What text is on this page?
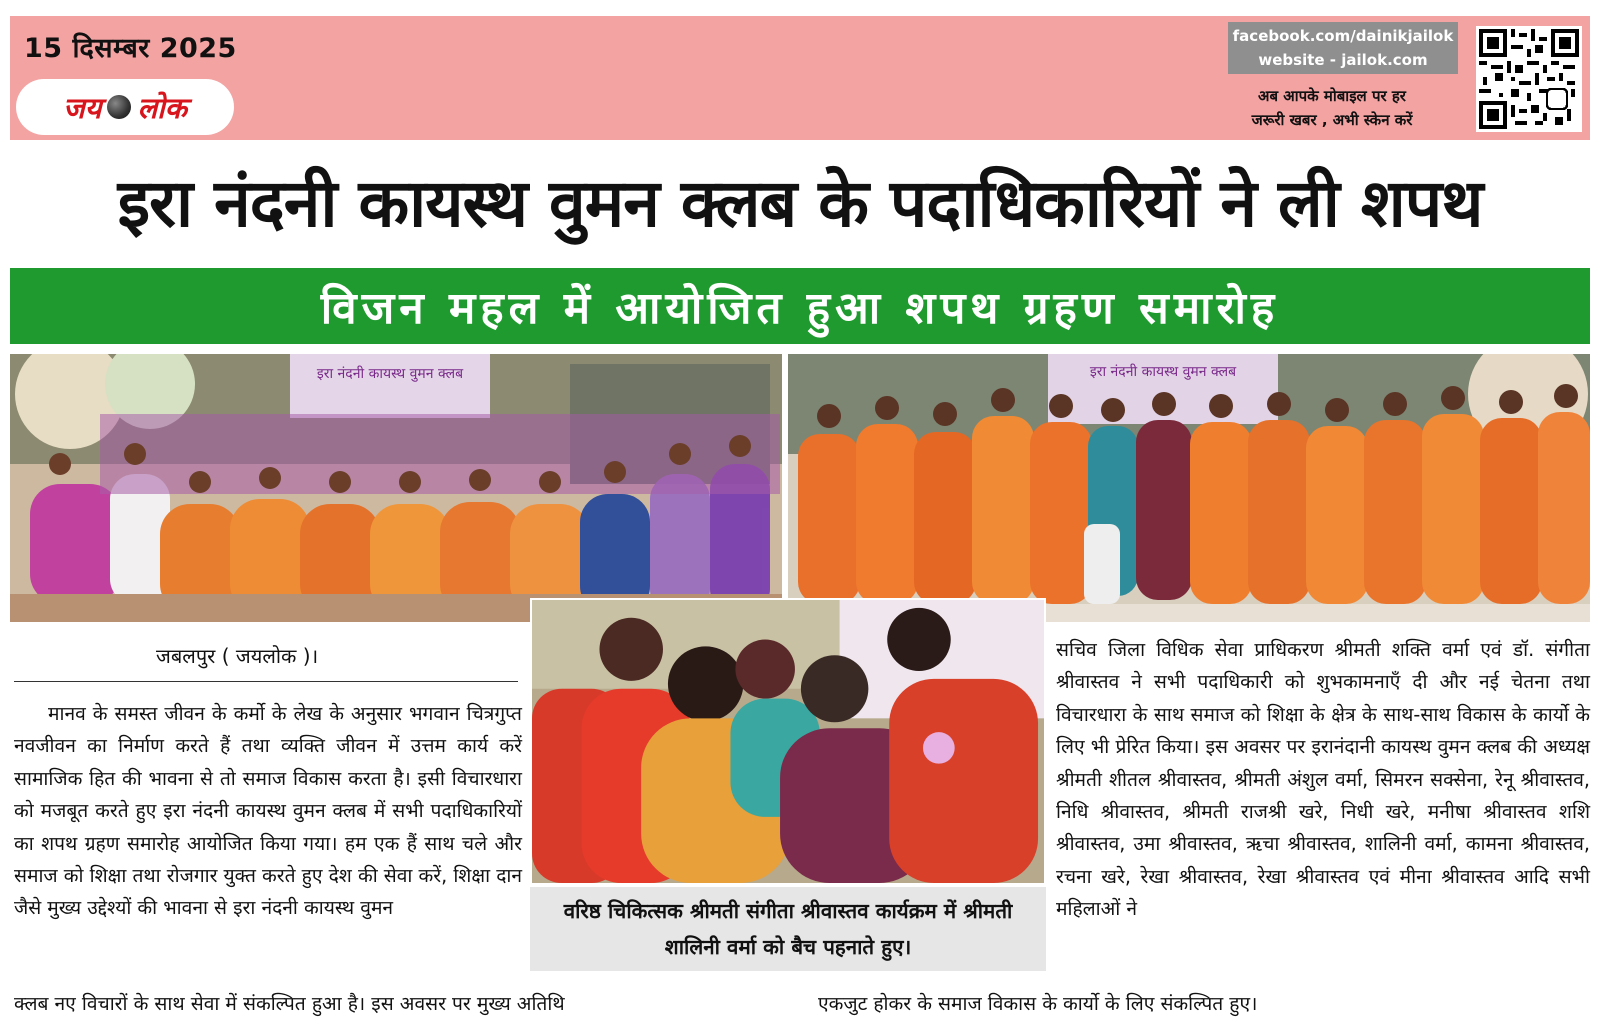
15 दिसम्बर 2025
जय लोक
facebook.com/dainikjailok
website - jailok.com
अब आपके मोबाइल पर हर
जरूरी खबर , अभी स्केन करें
इरा नंदनी कायस्थ वुमन क्लब के पदाधिकारियों ने ली शपथ
विजन महल में आयोजित हुआ शपथ ग्रहण समारोह
इरा नंदनी कायस्थ वुमन क्लब	इरा नंदनी कायस्थ वुमन क्लब
वरिष्ठ चिकित्सक श्रीमती संगीता श्रीवास्तव कार्यक्रम में श्रीमती शालिनी वर्मा को बैच पहनाते हुए।
जबलपुर ( जयलोक )।

मानव के समस्त जीवन के कर्मो के लेख के अनुसार भगवान चित्रगुप्त नवजीवन का निर्माण करते हैं तथा व्यक्ति जीवन में उत्तम कार्य करें सामाजिक हित की भावना से तो समाज विकास करता है। इसी विचारधारा को मजबूत करते हुए इरा नंदनी कायस्थ वुमन क्लब में सभी पदाधिकारियों का शपथ ग्रहण समारोह आयोजित किया गया। हम एक हैं साथ चले और समाज को शिक्षा तथा रोजगार युक्त करते हुए देश की सेवा करें, शिक्षा दान जैसे मुख्य उद्देश्यों की भावना से इरा नंदनी कायस्थ वुमन

सचिव जिला विधिक सेवा प्राधिकरण श्रीमती शक्ति वर्मा एवं डॉ. संगीता श्रीवास्तव ने सभी पदाधिकारी को शुभकामनाएँ दी और नई चेतना तथा विचारधारा के साथ समाज को शिक्षा के क्षेत्र के साथ-साथ विकास के कार्यो के लिए भी प्रेरित किया। इस अवसर पर इरानंदानी कायस्थ वुमन क्लब की अध्यक्ष श्रीमती शीतल श्रीवास्तव, श्रीमती अंशुल वर्मा, सिमरन सक्सेना, रेनू श्रीवास्तव, निधि श्रीवास्तव, श्रीमती राजश्री खरे, निधी खरे, मनीषा श्रीवास्तव शशि श्रीवास्तव, उमा श्रीवास्तव, ऋचा श्रीवास्तव, शालिनी वर्मा, कामना श्रीवास्तव, रचना खरे, रेखा श्रीवास्तव, रेखा श्रीवास्तव एवं मीना श्रीवास्तव आदि सभी महिलाओं ने

क्लब नए विचारों के साथ सेवा में संकल्पित हुआ है। इस अवसर पर मुख्य अतिथि	एकजुट होकर के समाज विकास के कार्यो के लिए संकल्पित हुए।
